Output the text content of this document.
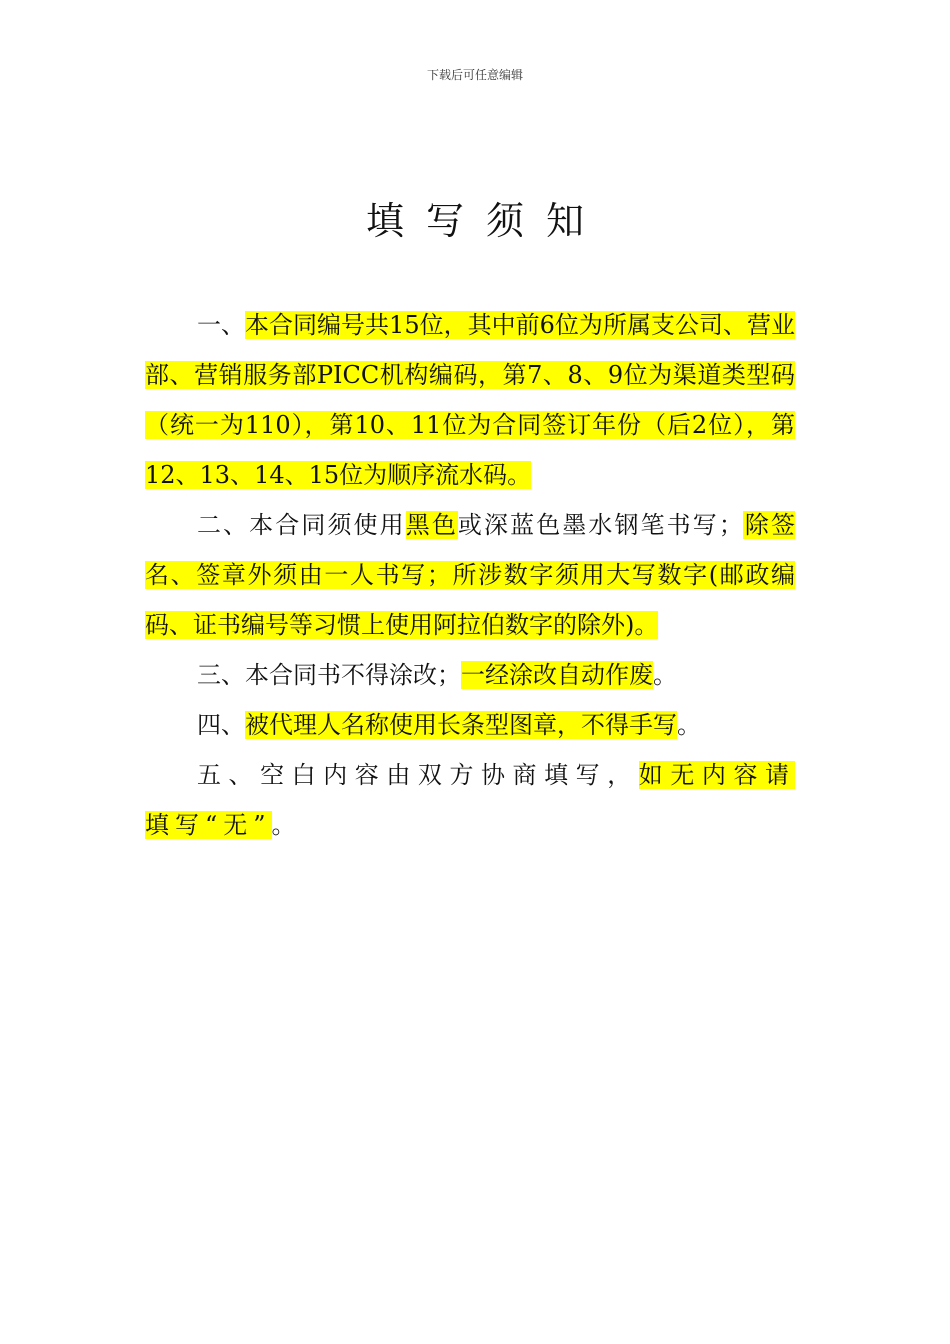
下载后可任意编辑
填写须知

一、本合同编号共15位，其中前6位为所属支公司、营业部、营销服务部PICC机构编码，第7、8、9位为渠道类型码（统一为110），第10、11位为合同签订年份（后2位），第12、13、14、15位为顺序流水码。

二、本合同须使用黑色或深蓝色墨水钢笔书写；除签名、签章外须由一人书写；所涉数字须用大写数字(邮政编码、证书编号等习惯上使用阿拉伯数字的除外)。

三、本合同书不得涂改；一经涂改自动作废。

四、被代理人名称使用长条型图章，不得手写。

五、空白内容由双方协商填写，如无内容请填写“无”。
